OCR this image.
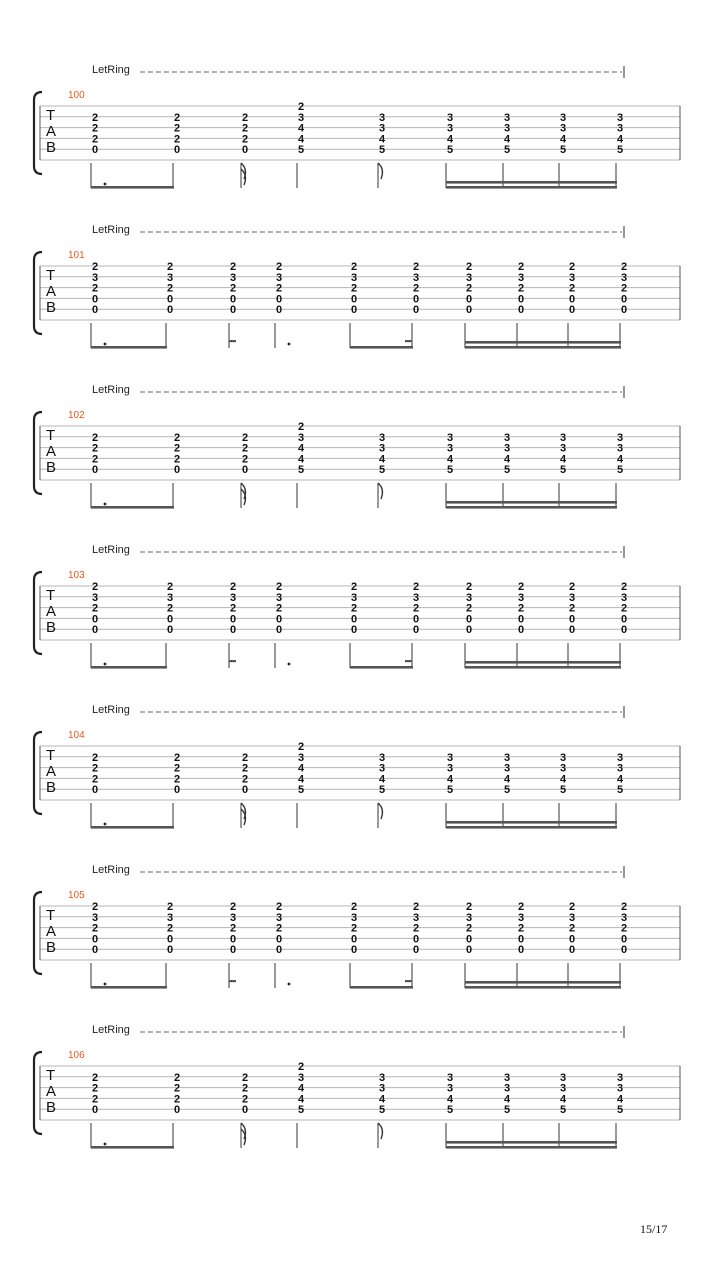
LetRing
100
T
A
B
2
2
2
0
2
2
2
0
2
2
2
0
2
3
4
4
5
3
3
4
5
3
3
4
5
3
3
4
5
3
3
4
5
3
3
4
5
LetRing
101
T
A
B
2
3
2
0
0
2
3
2
0
0
2
3
2
0
0
2
3
2
0
0
2
3
2
0
0
2
3
2
0
0
2
3
2
0
0
2
3
2
0
0
2
3
2
0
0
2
3
2
0
0
LetRing
102
T
A
B
2
2
2
0
2
2
2
0
2
2
2
0
2
3
4
4
5
3
3
4
5
3
3
4
5
3
3
4
5
3
3
4
5
3
3
4
5
LetRing
103
T
A
B
2
3
2
0
0
2
3
2
0
0
2
3
2
0
0
2
3
2
0
0
2
3
2
0
0
2
3
2
0
0
2
3
2
0
0
2
3
2
0
0
2
3
2
0
0
2
3
2
0
0
LetRing
104
T
A
B
2
2
2
0
2
2
2
0
2
2
2
0
2
3
4
4
5
3
3
4
5
3
3
4
5
3
3
4
5
3
3
4
5
3
3
4
5
LetRing
105
T
A
B
2
3
2
0
0
2
3
2
0
0
2
3
2
0
0
2
3
2
0
0
2
3
2
0
0
2
3
2
0
0
2
3
2
0
0
2
3
2
0
0
2
3
2
0
0
2
3
2
0
0
LetRing
106
T
A
B
2
2
2
0
2
2
2
0
2
2
2
0
2
3
4
4
5
3
3
4
5
3
3
4
5
3
3
4
5
3
3
4
5
3
3
4
5
15/17
